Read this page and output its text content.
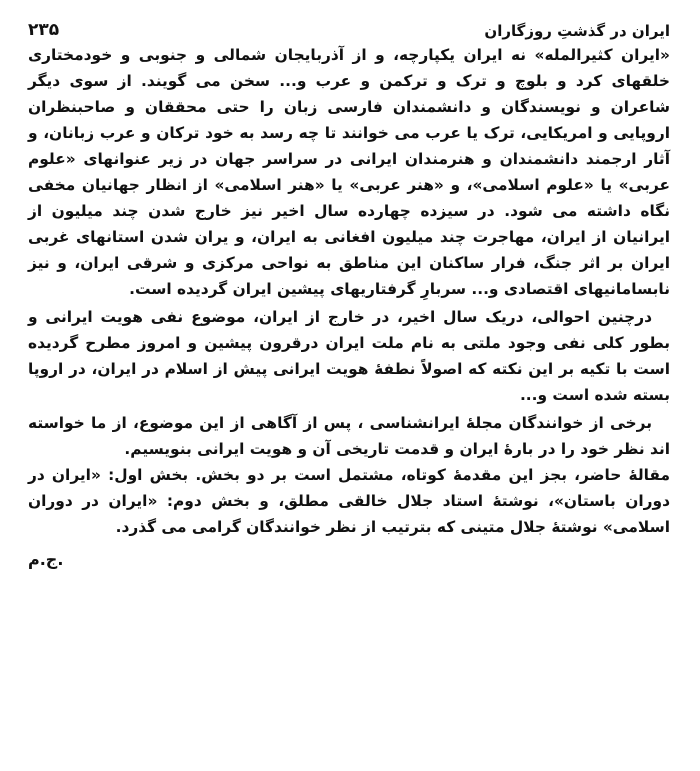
۲۳۵	ایران در گذشتِ روزگاران

«ایران کثیرالمله» نه ایران یکپارچه، و از آذربایجان شمالی و جنوبی و خودمختاری خلقهای کرد و بلوچ و ترک و ترکمن و عرب و... سخن می گویند. از سوی دیگر شاعران و نویسندگان و دانشمندان فارسی زبان را حتی محققان و صاحبنظران اروپایی و امریکایی، ترک یا عرب می خوانند تا چه رسد به خود ترکان و عرب زبانان، و آثار ارجمند دانشمندان و هنرمندان ایرانی در سراسر جهان در زیر عنوانهای «علوم عربی» یا «علوم اسلامی»، و «هنر عربی» یا «هنر اسلامی» از انظار جهانیان مخفی نگاه داشته می شود. در سیزده چهارده سال اخیر نیز خارج شدن چند میلیون از ایرانیان از ایران، مهاجرت چند میلیون افغانی به ایران، و یران شدن استانهای غربی ایران بر اثر جنگ، فرار ساکنان این مناطق به نواحی مرکزی و شرقی ایران، و نیز نابسامانیهای اقتصادی و... سربارِ گرفتاریهای پیشین ایران گردیده است.

درچنین احوالی، دریک سال اخیر، در خارج از ایران، موضوع نفی هویت ایرانی و بطور کلی نفی وجود ملتی به نام ملت ایران درقرون پیشین و امروز مطرح گردیده است با تکیه بر این نکته که اصولاً نطفهٔ هویت ایرانی پیش از اسلام در ایران، در اروپا بسته شده است و...

برخی از خوانندگان مجلهٔ ایرانشناسی ، پس از آگاهی از این موضوع، از ما خواسته اند نظر خود را در بارهٔ ایران و قدمت تاریخی آن و هویت ایرانی بنویسیم.

مقالهٔ حاضر، بجز این مقدمهٔ کوتاه، مشتمل است بر دو بخش. بخش اول: «ایران در دوران باستان»، نوشتهٔ استاد جلال خالقی مطلق، و بخش دوم: «ایران در دوران اسلامی» نوشتهٔ جلال متینی که بترتیب از نظر خوانندگان گرامی می گذرد.

ج.م.
